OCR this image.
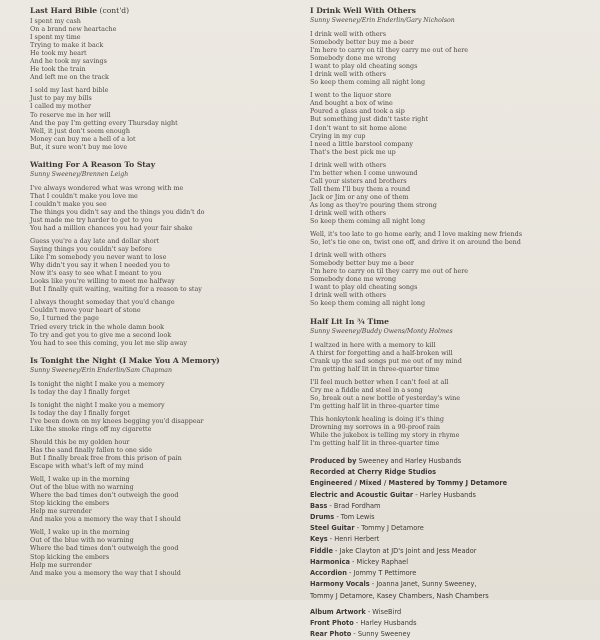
Last Hard Bible (cont'd)
I spent my cash
On a brand new heartache
I spent my time
Trying to make it back
He took my heart
And he took my savings
He took the train
And left me on the track
I sold my last hard bible
Just to pay my bills
I called my mother
To reserve me in her will
And the pay I'm getting every Thursday night
Well, it just don't seem enough
Money can buy me a hell of a lot
But, it sure won't buy me love
Waiting For A Reason To Stay
Sunny Sweeney/Brennen Leigh
I've always wondered what was wrong with me
That I couldn't make you love me
I couldn't make you see
The things you didn't say and the things you didn't do
Just made me try harder to get to you
You had a million chances you had your fair shake
Guess you're a day late and dollar short
Saying things you couldn't say before
Like I'm somebody you never want to lose
Why didn't you say it when I needed you to
Now it's easy to see what I meant to you
Looks like you're willing to meet me halfway
But I finally quit waiting, waiting for a reason to stay
I always thought someday that you'd change
Couldn't move your heart of stone
So, I turned the page
Tried every trick in the whole damn book
To try and get you to give me a second look
You had to see this coming, you let me slip away
Is Tonight the Night (I Make You A Memory)
Sunny Sweeney/Erin Enderlin/Sam Chapman
Is tonight the night I make you a memory
Is today the day I finally forget
Is tonight the night I make you a memory
Is today the day I finally forget
I've been down on my knees begging you'd disappear
Like the smoke rings off my cigarette
Should this be my golden hour
Has the sand finally fallen to one side
But I finally break free from this prison of pain
Escape with what's left of my mind
Well, I wake up in the morning
Out of the blue with no warning
Where the bad times don't outweigh the good
Stop kicking the embers
Help me surrender
And make you a memory the way that I should
Well, I wake up in the morning
Out of the blue with no warning
Where the bad times don't outweigh the good
Stop kicking the embers
Help me surrender
And make you a memory the way that I should
I Drink Well With Others
Sunny Sweeney/Erin Enderlin/Gary Nicholson
I drink well with others
Somebody better buy me a beer
I'm here to carry on til they carry me out of here
Somebody done me wrong
I want to play old cheating songs
I drink well with others
So keep them coming all night long
I went to the liquor store
And bought a box of wine
Poured a glass and took a sip
But something just didn't taste right
I don't want to sit home alone
Crying in my cup
I need a little barstool company
That's the best pick me up
I drink well with others
I'm better when I come unwound
Call your sisters and brothers
Tell them I'll buy them a round
Jack or Jim or any one of them
As long as they're pouring them strong
I drink well with others
So keep them coming all night long
Well, it's too late to go home early, and I love making new friends
So, let's tie one on, twist one off, and drive it on around the bend
I drink well with others
Somebody better buy me a beer
I'm here to carry on til they carry me out of here
Somebody done me wrong
I want to play old cheating songs
I drink well with others
So keep them coming all night long
Half Lit In ¾ Time
Sunny Sweeney/Buddy Owens/Monty Holmes
I waltzed in here with a memory to kill
A thirst for forgetting and a half-broken will
Crank up the sad songs put me out of my mind
I'm getting half lit in three-quarter time
I'll feel much better when I can't feel at all
Cry me a fiddle and steel in a song
So, break out a new bottle of yesterday's wine
I'm getting half lit in three-quarter time
This honkytonk healing is doing it's thing
Drowning my sorrows in a 90-proof rain
While the jukebox is telling my story in rhyme
I'm getting half lit in three-quarter time
Produced by Sweeney and Harley Husbands
Recorded at Cherry Ridge Studios
Engineered / Mixed / Mastered by Tommy J Detamore
Electric and Acoustic Guitar - Harley Husbands
Bass - Brad Fordham
Drums - Tom Lewis
Steel Guitar - Tommy J Detamore
Keys - Henri Herbert
Fiddle - Jake Clayton at JD's Joint and Jess Meador
Harmonica - Mickey Raphael
Accordion - Jommy T Pettimore
Harmony Vocals - Joanna Janet, Sunny Sweeney,
Tommy J Detamore, Kasey Chambers, Nash Chambers
Album Artwork - WiseBird
Front Photo - Harley Husbands
Rear Photo - Sunny Sweeney
